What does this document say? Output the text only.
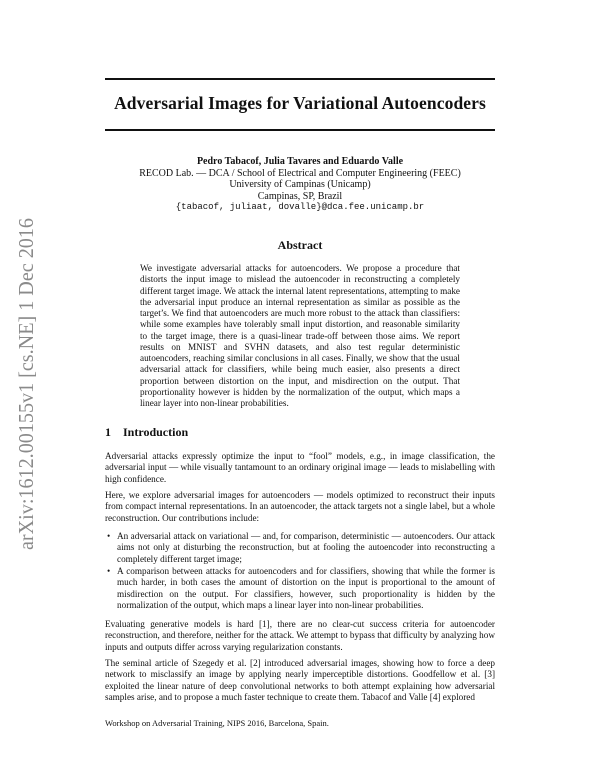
arXiv:1612.00155v1 [cs.NE] 1 Dec 2016
Adversarial Images for Variational Autoencoders
Pedro Tabacof, Julia Tavares and Eduardo Valle
RECOD Lab. — DCA / School of Electrical and Computer Engineering (FEEC)
University of Campinas (Unicamp)
Campinas, SP, Brazil
{tabacof, juliaat, dovalle}@dca.fee.unicamp.br
Abstract
We investigate adversarial attacks for autoencoders. We propose a procedure that distorts the input image to mislead the autoencoder in reconstructing a completely different target image. We attack the internal latent representations, attempting to make the adversarial input produce an internal representation as similar as possible as the target’s. We find that autoencoders are much more robust to the attack than classifiers: while some examples have tolerably small input distortion, and reasonable similarity to the target image, there is a quasi-linear trade-off between those aims. We report results on MNIST and SVHN datasets, and also test regular deterministic autoencoders, reaching similar conclusions in all cases. Finally, we show that the usual adversarial attack for classifiers, while being much easier, also presents a direct proportion between distortion on the input, and misdirection on the output. That proportionality however is hidden by the normalization of the output, which maps a linear layer into non-linear probabilities.
1 Introduction
Adversarial attacks expressly optimize the input to “fool” models, e.g., in image classification, the adversarial input — while visually tantamount to an ordinary original image — leads to mislabelling with high confidence.
Here, we explore adversarial images for autoencoders — models optimized to reconstruct their inputs from compact internal representations. In an autoencoder, the attack targets not a single label, but a whole reconstruction. Our contributions include:
• An adversarial attack on variational — and, for comparison, deterministic — autoencoders. Our attack aims not only at disturbing the reconstruction, but at fooling the autoencoder into reconstructing a completely different target image;
• A comparison between attacks for autoencoders and for classifiers, showing that while the former is much harder, in both cases the amount of distortion on the input is proportional to the amount of misdirection on the output. For classifiers, however, such proportionality is hidden by the normalization of the output, which maps a linear layer into non-linear probabilities.
Evaluating generative models is hard [1], there are no clear-cut success criteria for autoencoder reconstruction, and therefore, neither for the attack. We attempt to bypass that difficulty by analyzing how inputs and outputs differ across varying regularization constants.
The seminal article of Szegedy et al. [2] introduced adversarial images, showing how to force a deep network to misclassify an image by applying nearly imperceptible distortions. Goodfellow et al. [3] exploited the linear nature of deep convolutional networks to both attempt explaining how adversarial samples arise, and to propose a much faster technique to create them. Tabacof and Valle [4] explored
Workshop on Adversarial Training, NIPS 2016, Barcelona, Spain.
